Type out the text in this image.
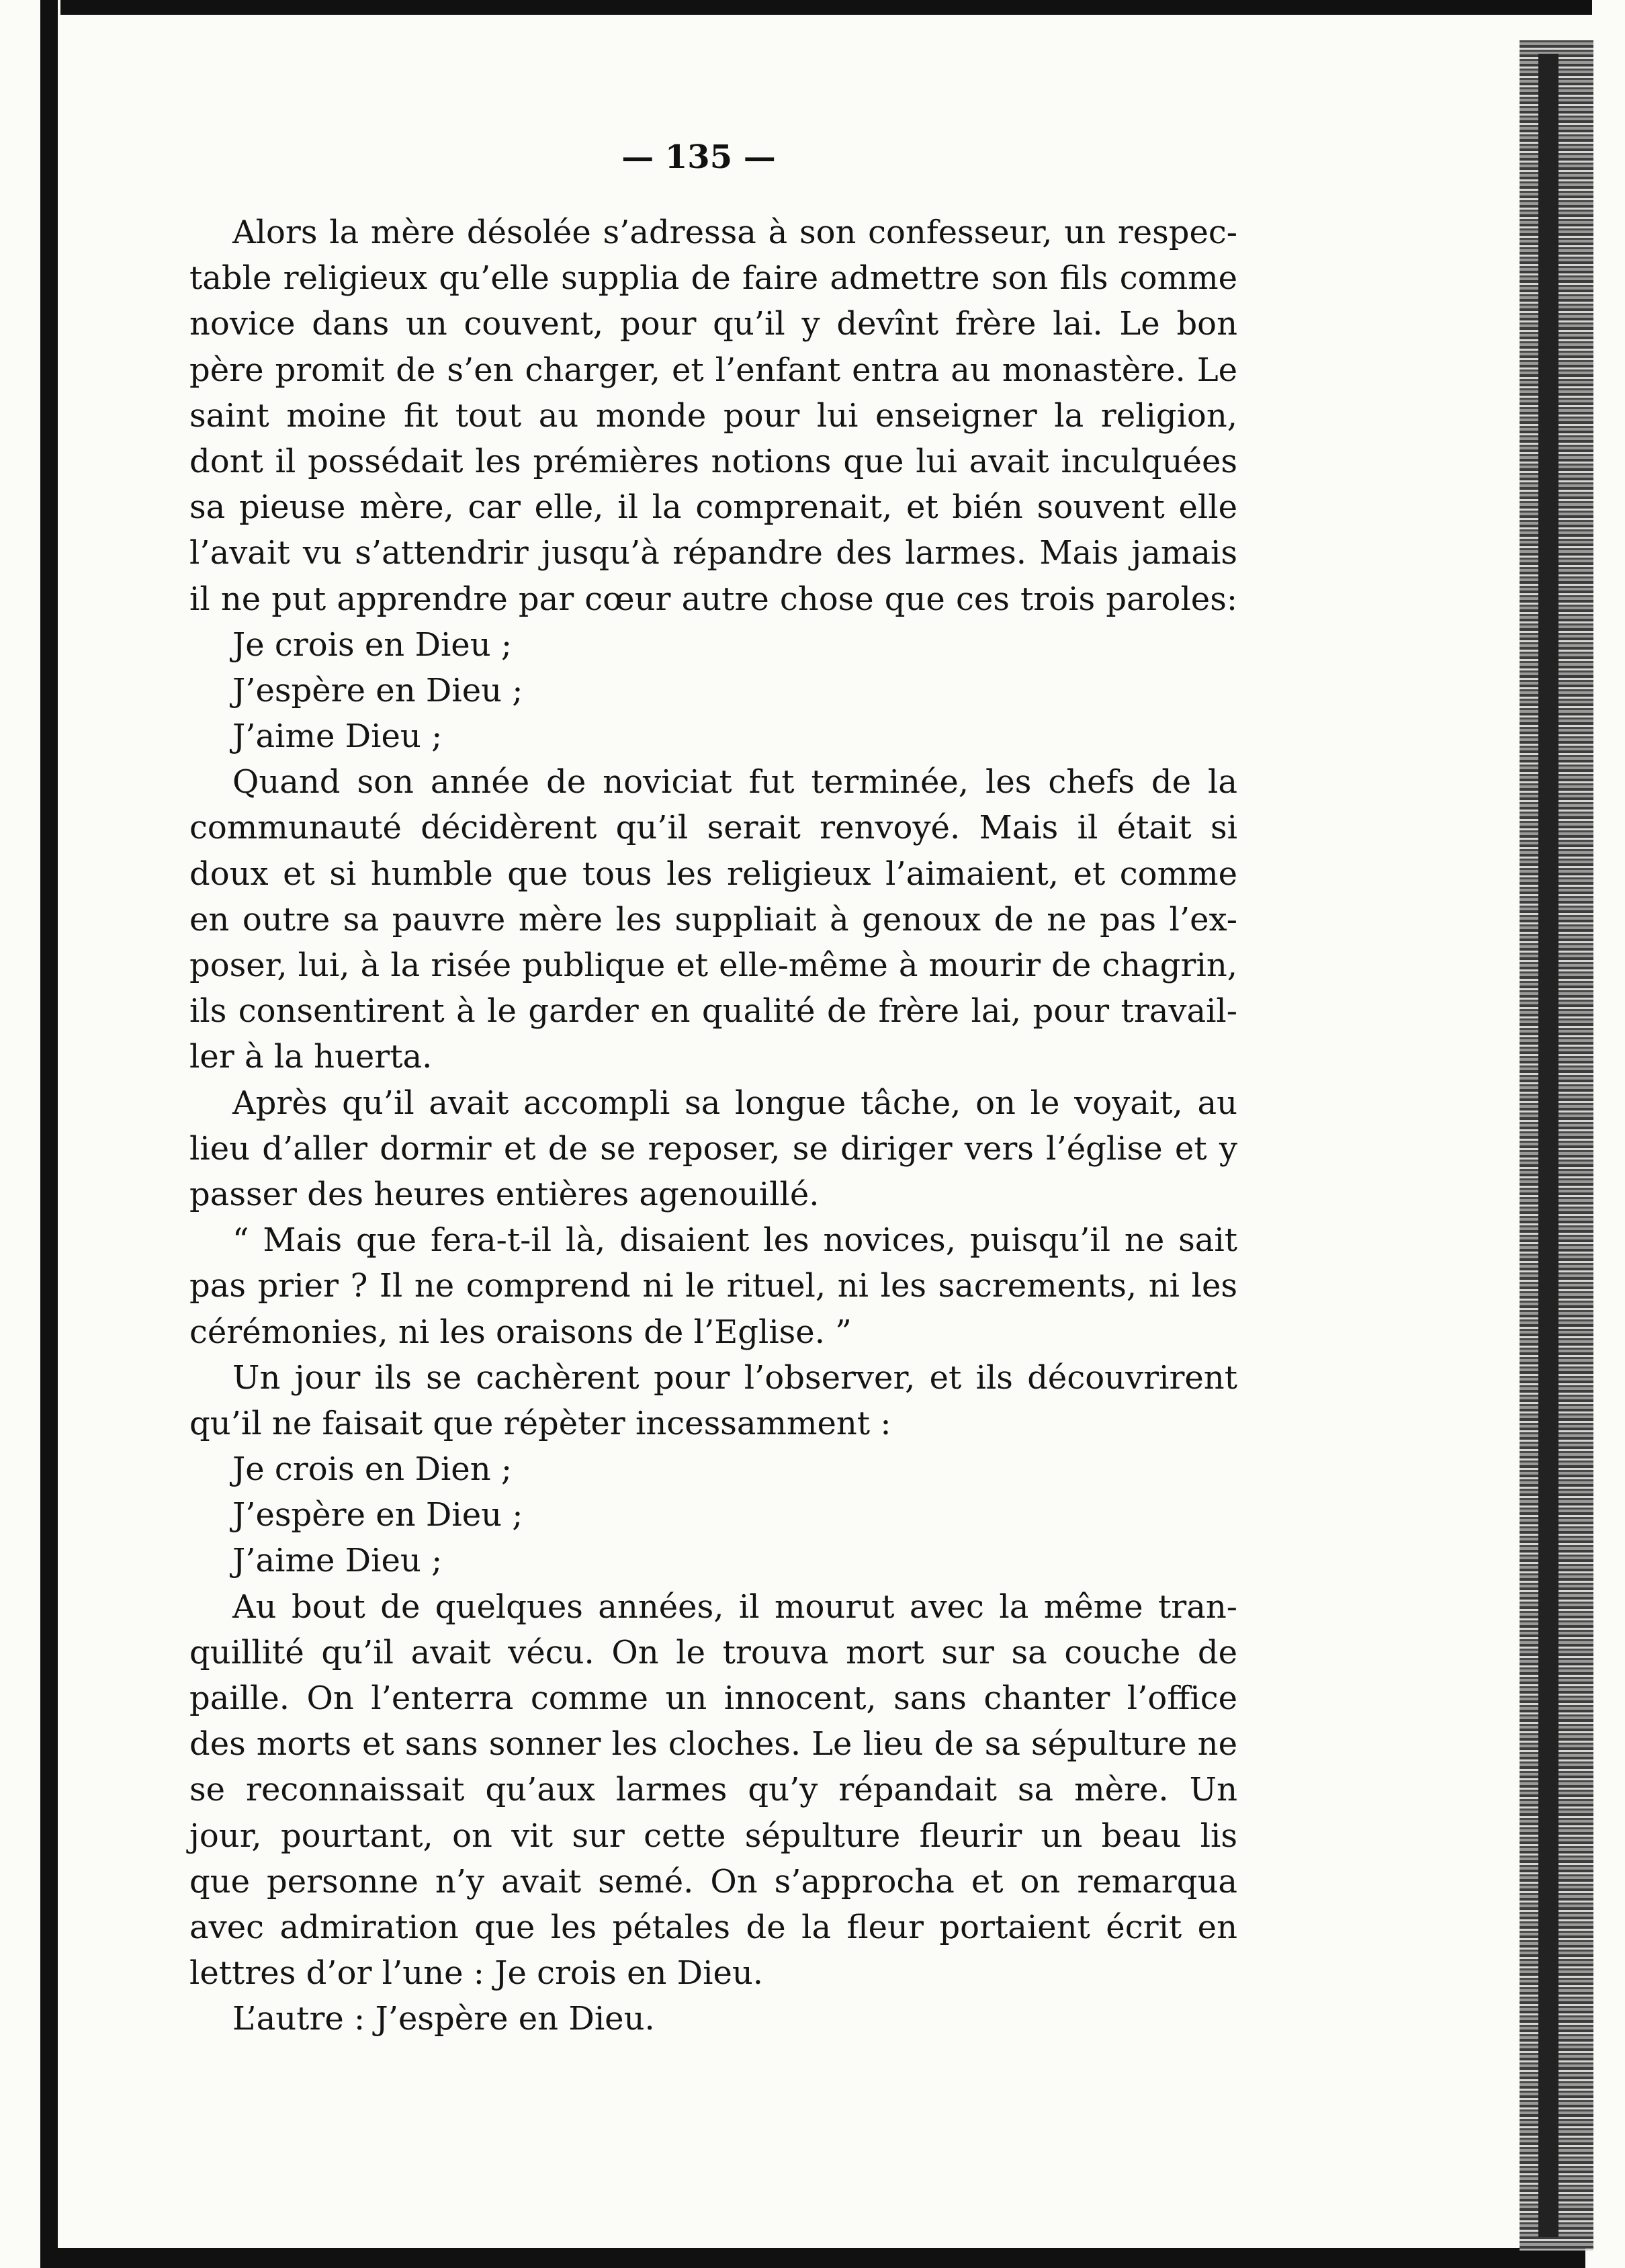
— 135 —

Alors la mère désolée s’adressa à son confesseur, un respec-
table religieux qu’elle supplia de faire admettre son fils comme
novice dans un couvent, pour qu’il y devînt frère lai. Le bon
père promit de s’en charger, et l’enfant entra au monastère. Le
saint moine fit tout au monde pour lui enseigner la religion,
dont il possédait les prémières notions que lui avait inculquées
sa pieuse mère, car elle, il la comprenait, et bién souvent elle
l’avait vu s’attendrir jusqu’à répandre des larmes. Mais jamais
il ne put apprendre par cœur autre chose que ces trois paroles:
Je crois en Dieu ;
J’espère en Dieu ;
J’aime Dieu ;
Quand son année de noviciat fut terminée, les chefs de la
communauté décidèrent qu’il serait renvoyé. Mais il était si
doux et si humble que tous les religieux l’aimaient, et comme
en outre sa pauvre mère les suppliait à genoux de ne pas l’ex-
poser, lui, à la risée publique et elle-même à mourir de chagrin,
ils consentirent à le garder en qualité de frère lai, pour travail-
ler à la huerta.
Après qu’il avait accompli sa longue tâche, on le voyait, au
lieu d’aller dormir et de se reposer, se diriger vers l’église et y
passer des heures entières agenouillé.
“ Mais que fera-t-il là, disaient les novices, puisqu’il ne sait
pas prier ? Il ne comprend ni le rituel, ni les sacrements, ni les
cérémonies, ni les oraisons de l’Eglise. ”
Un jour ils se cachèrent pour l’observer, et ils découvrirent
qu’il ne faisait que répèter incessamment :
Je crois en Dien ;
J’espère en Dieu ;
J’aime Dieu ;
Au bout de quelques années, il mourut avec la même tran-
quillité qu’il avait vécu. On le trouva mort sur sa couche de
paille. On l’enterra comme un innocent, sans chanter l’office
des morts et sans sonner les cloches. Le lieu de sa sépulture ne
se reconnaissait qu’aux larmes qu’y répandait sa mère. Un
jour, pourtant, on vit sur cette sépulture fleurir un beau lis
que personne n’y avait semé. On s’approcha et on remarqua
avec admiration que les pétales de la fleur portaient écrit en
lettres d’or l’une : Je crois en Dieu.
L’autre : J’espère en Dieu.
